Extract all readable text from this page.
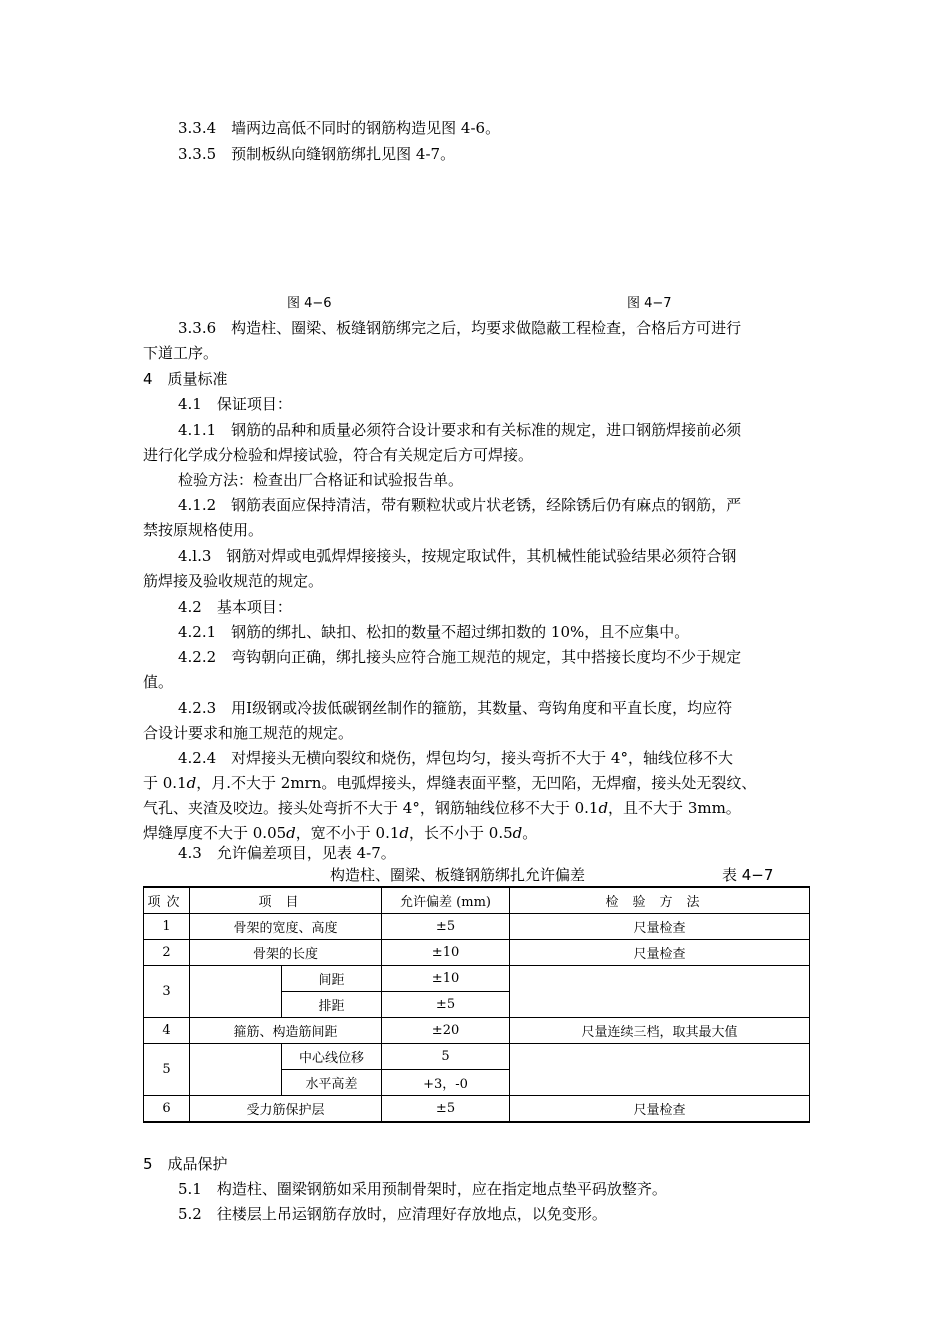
3.3.4　墙两边高低不同时的钢筋构造见图 4-6。
3.3.5　预制板纵向缝钢筋绑扎见图 4-7。
图 4−6	图 4−7
3.3.6　构造柱、圈梁、板缝钢筋绑完之后，均要求做隐蔽工程检查，合格后方可进行
下道工序。
4　质量标准
4.1　保证项目：
4.1.1　钢筋的品种和质量必须符合设计要求和有关标准的规定，进口钢筋焊接前必须
进行化学成分检验和焊接试验，符合有关规定后方可焊接。
检验方法：检查出厂合格证和试验报告单。
4.1.2　钢筋表面应保持清洁，带有颗粒状或片状老锈，经除锈后仍有麻点的钢筋，严
禁按原规格使用。
4.l.3　钢筋对焊或电弧焊焊接接头，按规定取试件，其机械性能试验结果必须符合钢
筋焊接及验收规范的规定。
4.2　基本项目：
4.2.1　钢筋的绑扎、缺扣、松扣的数量不超过绑扣数的 10%，且不应集中。
4.2.2　弯钩朝向正确，绑扎接头应符合施工规范的规定，其中搭接长度均不少于规定
值。
4.2.3　用Ⅰ级钢或冷拔低碳钢丝制作的箍筋，其数量、弯钩角度和平直长度，均应符
合设计要求和施工规范的规定。
4.2.4　对焊接头无横向裂纹和烧伤，焊包均匀，接头弯折不大于 4°，轴线位移不大
于 0.1d，月.不大于 2mrn。电弧焊接头，焊缝表面平整，无凹陷，无焊瘤，接头处无裂纹、
气孔、夹渣及咬边。接头处弯折不大于 4°，钢筋轴线位移不大于 0.1d，且不大于 3mm。
焊缝厚度不大于 0.05d，宽不小于 0.1d，长不小于 0.5d。
4.3　允许偏差项目，见表 4-7。
构造柱、圈梁、板缝钢筋绑扎允许偏差	表 4−7
项次	项目		允许偏差 (mm)	检验方法
1	骨架的宽度、高度		±5	尺量检查
2	骨架的长度		±10	尺量检查
3		间距	±10	
		排距	±5	
4	箍筋、构造筋间距		±20	尺量连续三档，取其最大值
5		中心线位移	5	
		水平高差	+3，-0	
6	受力筋保护层		±5	尺量检查
5　成品保护
5.1　构造柱、圈梁钢筋如采用预制骨架时，应在指定地点垫平码放整齐。
5.2　往楼层上吊运钢筋存放时，应清理好存放地点，以免变形。
